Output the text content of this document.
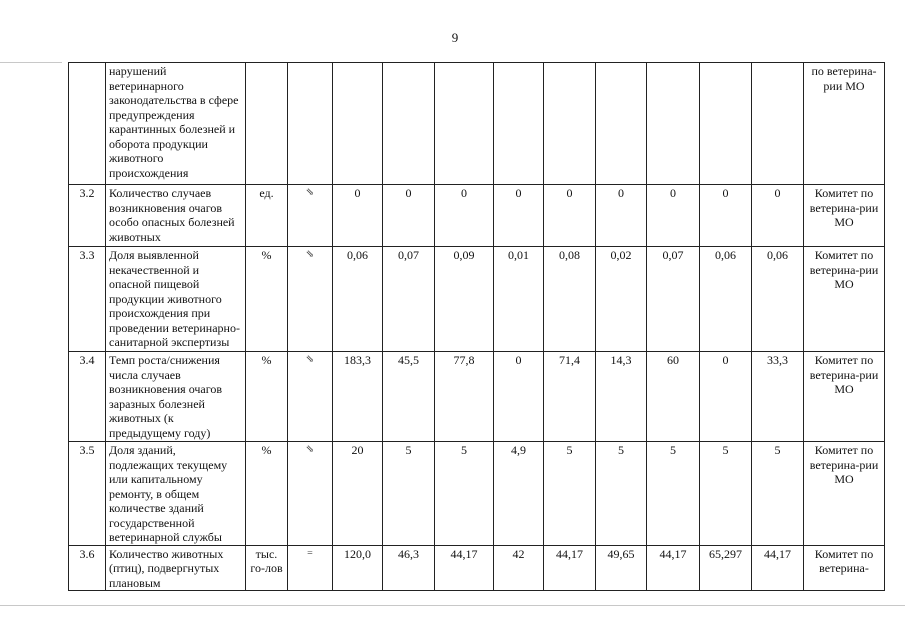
9
	нарушений ветеринарного законодательства в сфере предупреждения карантинных болезней и оборота продукции животного происхождения												по ветерина-рии МО
3.2	Количество случаев возникновения очагов особо опасных болезней животных	ед.	⇘	0	0	0	0	0	0	0	0	0	Комитет по ветерина-рии МО
3.3	Доля выявленной некачественной и опасной пищевой продукции животного происхождения при проведении ветеринарно-санитарной экспертизы	%	⇘	0,06	0,07	0,09	0,01	0,08	0,02	0,07	0,06	0,06	Комитет по ветерина-рии МО
3.4	Темп роста/снижения числа случаев возникновения очагов заразных болезней животных (к предыдущему году)	%	⇘	183,3	45,5	77,8	0	71,4	14,3	60	0	33,3	Комитет по ветерина-рии МО
3.5	Доля зданий, подлежащих текущему или капитальному ремонту, в общем количестве зданий государственной ветеринарной службы	%	⇘	20	5	5	4,9	5	5	5	5	5	Комитет по ветерина-рии МО
3.6	Количество животных (птиц), подвергнутых плановым	тыс. го-лов	=	120,0	46,3	44,17	42	44,17	49,65	44,17	65,297	44,17	Комитет по ветерина-
